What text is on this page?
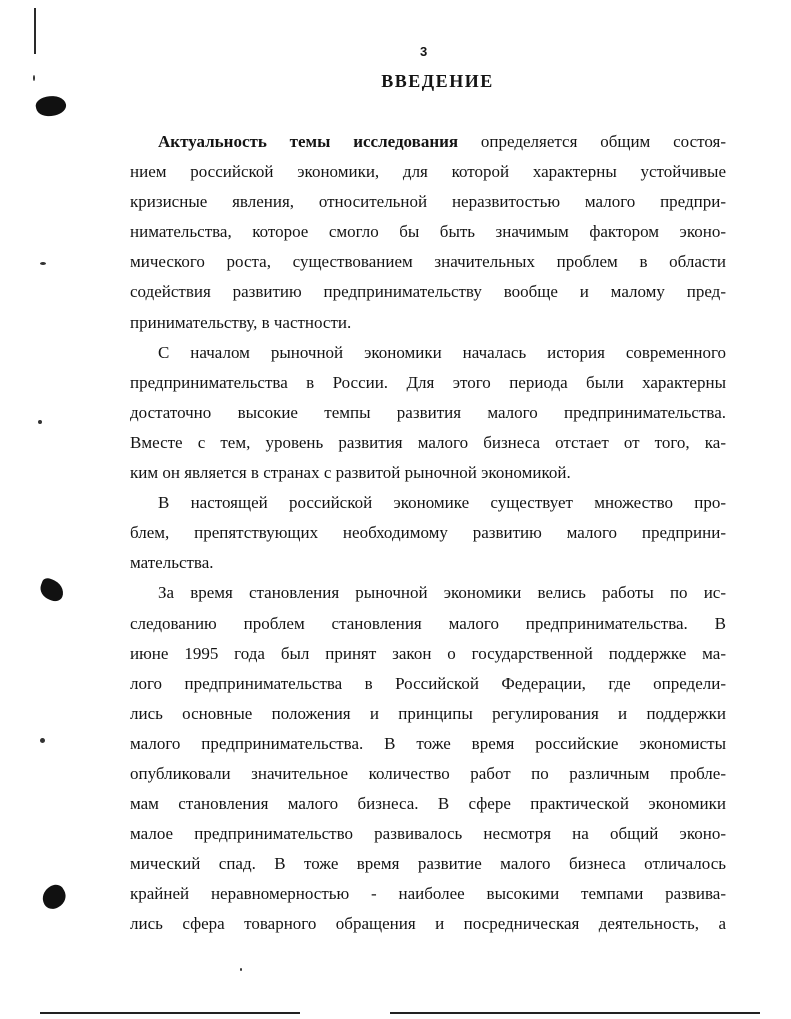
3
ВВЕДЕНИЕ
Актуальность темы исследования определяется общим состоя-
нием российской экономики, для которой характерны устойчивые
кризисные явления, относительной неразвитостью малого предпри-
нимательства, которое смогло бы быть значимым фактором эконо-
мического роста, существованием значительных проблем в области
содействия развитию предпринимательству вообще и малому пред-
принимательству, в частности.
С началом рыночной экономики началась история современного
предпринимательства в России. Для этого периода были характерны
достаточно высокие темпы развития малого предпринимательства.
Вместе с тем, уровень развития малого бизнеса отстает от того, ка-
ким он является в странах с развитой рыночной экономикой.
В настоящей российской экономике существует множество про-
блем, препятствующих необходимому развитию малого предприни-
мательства.
За время становления рыночной экономики велись работы по ис-
следованию проблем становления малого предпринимательства. В
июне 1995 года был принят закон о государственной поддержке ма-
лого предпринимательства в Российской Федерации, где определи-
лись основные положения и принципы регулирования и поддержки
малого предпринимательства. В тоже время российские экономисты
опубликовали значительное количество работ по различным пробле-
мам становления малого бизнеса. В сфере практической экономики
малое предпринимательство развивалось несмотря на общий эконо-
мический спад. В тоже время развитие малого бизнеса отличалось
крайней неравномерностью - наиболее высокими темпами развива-
лись сфера товарного обращения и посредническая деятельность, а
